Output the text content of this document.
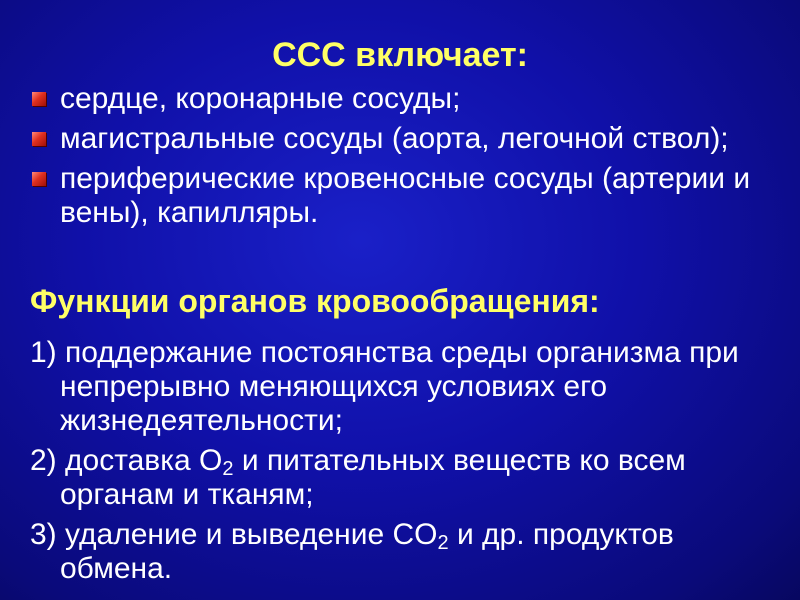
ССС включает:
сердце, коронарные сосуды;
магистральные сосуды (аорта, легочной ствол);
периферические кровеносные сосуды (артерии и вены), капилляры.
Функции органов кровообращения:
1) поддержание постоянства среды организма при непрерывно меняющихся условиях его жизнедеятельности;
2) доставка $O_2$ и питательных веществ ко всем органам и тканям;
3) удаление и выведение $CO_2$ и др. продуктов обмена.
